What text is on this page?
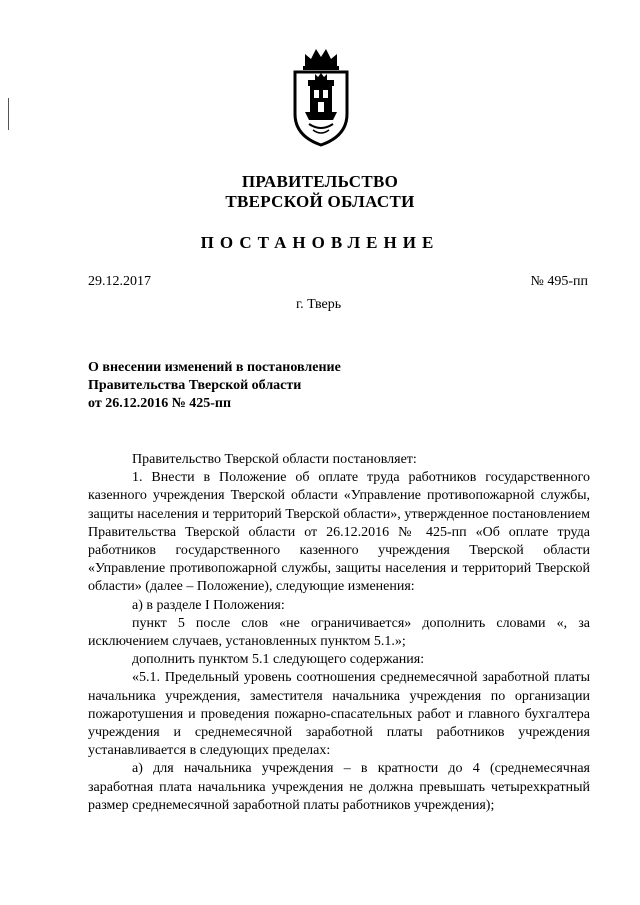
ПРАВИТЕЛЬСТВО
ТВЕРСКОЙ ОБЛАСТИ
ПОСТАНОВЛЕНИЕ
29.12.2017	№ 495-пп
г. Тверь
О внесении изменений в постановление
Правительства Тверской области
от 26.12.2016 № 425-пп

Правительство Тверской области постановляет:

1. Внести в Положение об оплате труда работников государственного казенного учреждения Тверской области «Управление противопожарной службы, защиты населения и территорий Тверской области», утвержденное постановлением Правительства Тверской области от 26.12.2016 № 425-пп «Об оплате труда работников государственного казенного учреждения Тверской области «Управление противопожарной службы, защиты населения и территорий Тверской области» (далее – Положение), следующие изменения:

а) в разделе I Положения:

пункт 5 после слов «не ограничивается» дополнить словами «, за исключением случаев, установленных пунктом 5.1.»;

дополнить пунктом 5.1 следующего содержания:

«5.1. Предельный уровень соотношения среднемесячной заработной платы начальника учреждения, заместителя начальника учреждения по организации пожаротушения и проведения пожарно-спасательных работ и главного бухгалтера учреждения и среднемесячной заработной платы работников учреждения устанавливается в следующих пределах:

а) для начальника учреждения – в кратности до 4 (среднемесячная заработная плата начальника учреждения не должна превышать четырехкратный размер среднемесячной заработной платы работников учреждения);
